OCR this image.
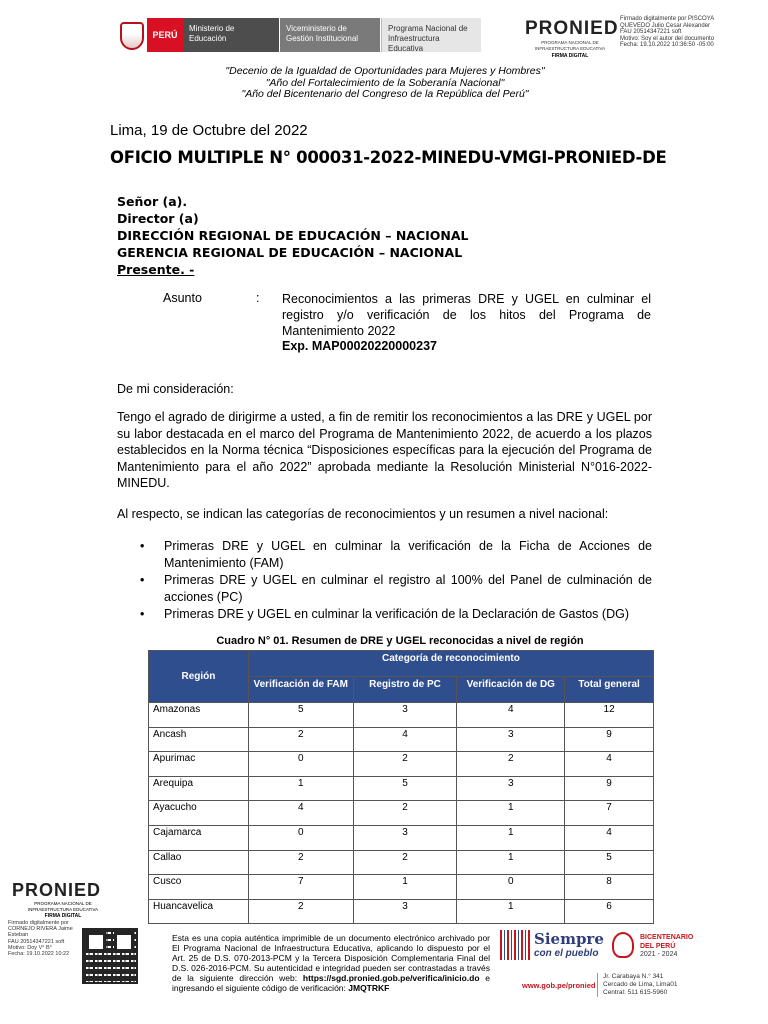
PERÚ
Ministerio de Educación
Viceministerio de Gestión Institucional
Programa Nacional de Infraestructura Educativa
PRONIED
PROGRAMA NACIONAL DE INFRAESTRUCTURA EDUCATIVA
FIRMA DIGITAL
Firmado digitalmente por PISCOYA
QUEVEDO Julio Cesar Alexander
FAU 20514347221 soft
Motivo: Soy el autor del documento
Fecha: 19.10.2022 10:36:50 -05:00
"Decenio de la Igualdad de Oportunidades para Mujeres y Hombres"
"Año del Fortalecimiento de la Soberanía Nacional"
"Año del Bicentenario del Congreso de la República del Perú"
Lima, 19 de Octubre del 2022
OFICIO MULTIPLE N° 000031-2022-MINEDU-VMGI-PRONIED-DE
Señor (a).
Director (a)
DIRECCIÓN REGIONAL DE EDUCACIÓN – NACIONAL
GERENCIA REGIONAL DE EDUCACIÓN – NACIONAL
Presente. -
Asunto	: Reconocimientos a las primeras DRE y UGEL en culminar el registro y/o verificación de los hitos del Programa de Mantenimiento 2022
Exp. MAP00020220000237
De mi consideración:
Tengo el agrado de dirigirme a usted, a fin de remitir los reconocimientos a las DRE y UGEL por su labor destacada en el marco del Programa de Mantenimiento 2022, de acuerdo a los plazos establecidos en la Norma técnica “Disposiciones específicas para la ejecución del Programa de Mantenimiento para el año 2022” aprobada mediante la Resolución Ministerial N°016-2022-MINEDU.
Al respecto, se indican las categorías de reconocimientos y un resumen a nivel nacional:
• Primeras DRE y UGEL en culminar la verificación de la Ficha de Acciones de Mantenimiento (FAM)
• Primeras DRE y UGEL en culminar el registro al 100% del Panel de culminación de acciones (PC)
• Primeras DRE y UGEL en culminar la verificación de la Declaración de Gastos (DG)
Cuadro N° 01. Resumen de DRE y UGEL reconocidas a nivel de región
Región	Categoría de reconocimiento			
	Verificación de FAM	Registro de PC	Verificación de DG	Total general
Amazonas	5	3	4	12
Ancash	2	4	3	9
Apurimac	0	2	2	4
Arequipa	1	5	3	9
Ayacucho	4	2	1	7
Cajamarca	0	3	1	4
Callao	2	2	1	5
Cusco	7	1	0	8
Huancavelica	2	3	1	6
PRONIED
PROGRAMA NACIONAL DE INFRAESTRUCTURA EDUCATIVA
FIRMA DIGITAL
Firmado digitalmente por
CORNEJO RIVERA Jaime Esteban
FAU 20514347221 soft
Motivo: Doy V° B°
Fecha: 19.10.2022 10:22
Esta es una copia auténtica imprimible de un documento electrónico archivado por El Programa Nacional de Infraestructura Educativa, aplicando lo dispuesto por el Art. 25 de D.S. 070-2013-PCM y la Tercera Disposición Complementaria Final del D.S. 026-2016-PCM. Su autenticidad e integridad pueden ser contrastadas a través de la siguiente dirección web: https://sgd.pronied.gob.pe/verifica/inicio.do e ingresando el siguiente código de verificación: JMQTRKF
Siempre
con el pueblo
BICENTENARIO
DEL PERÚ
2021 - 2024
www.gob.pe/pronied
Jr. Carabaya N.° 341
Cercado de Lima, Lima01
Central: 511 615-5960
